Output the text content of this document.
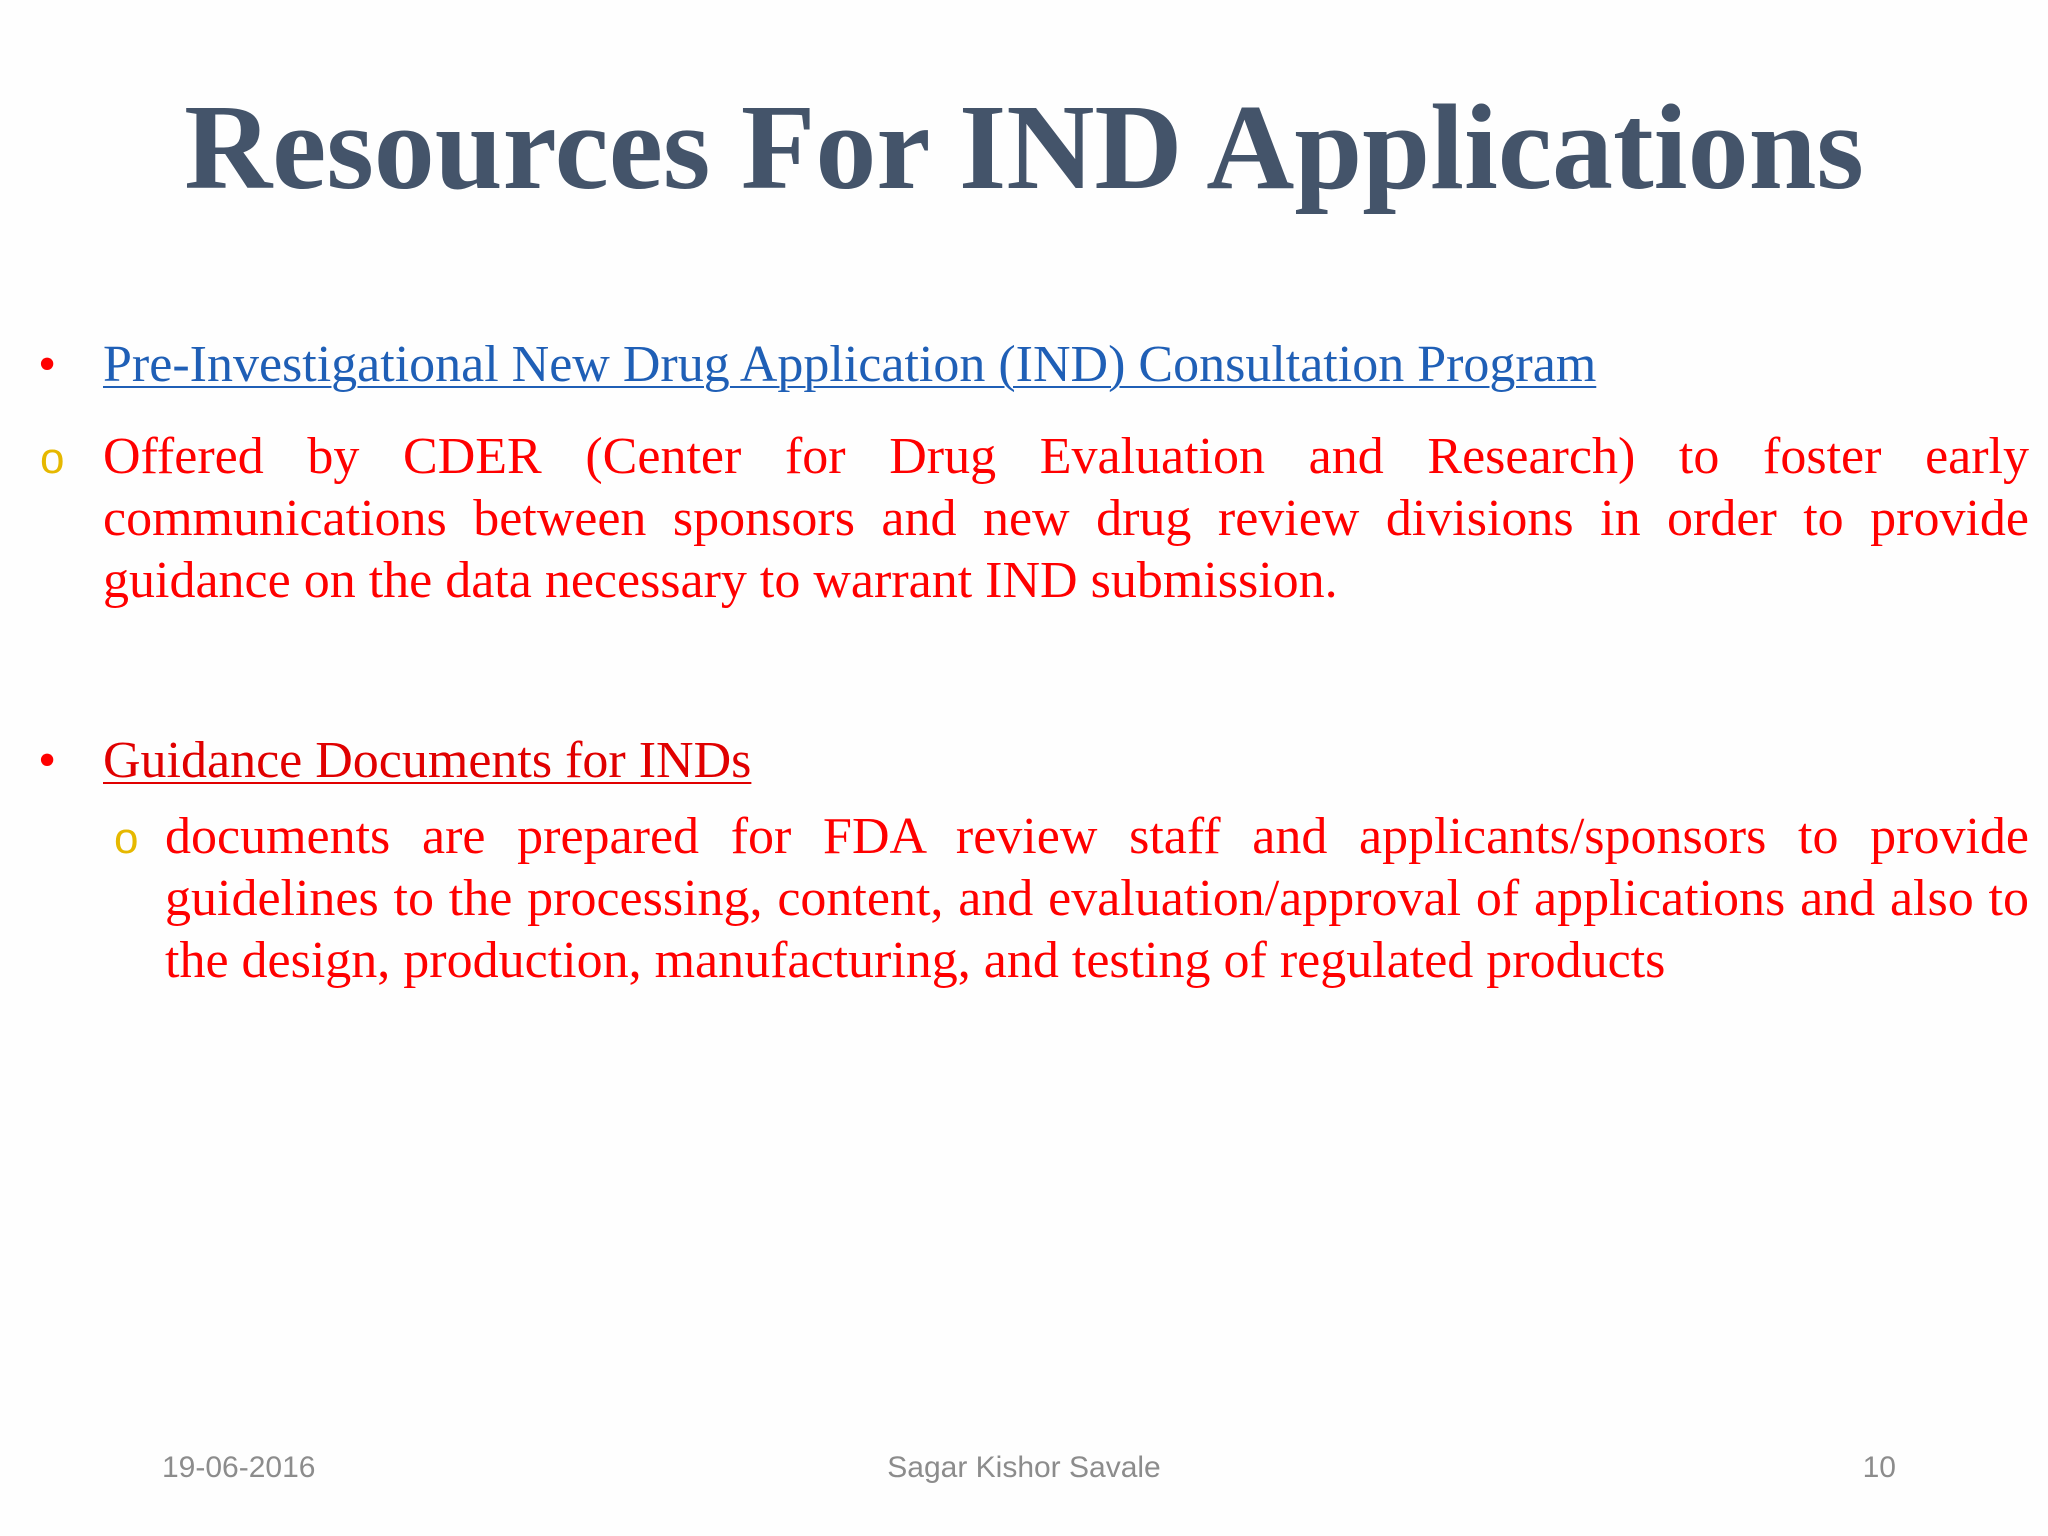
Resources For IND Applications
• Pre-Investigational New Drug Application (IND) Consultation Program
o Offered by CDER (Center for Drug Evaluation and Research) to foster early communications between sponsors and new drug review divisions in order to provide guidance on the data necessary to warrant IND submission.
• Guidance Documents for INDs
o documents are prepared for FDA review staff and applicants/sponsors to provide guidelines to the processing, content, and evaluation/approval of applications and also to the design, production, manufacturing, and testing of regulated products
19-06-2016	Sagar Kishor Savale	10
